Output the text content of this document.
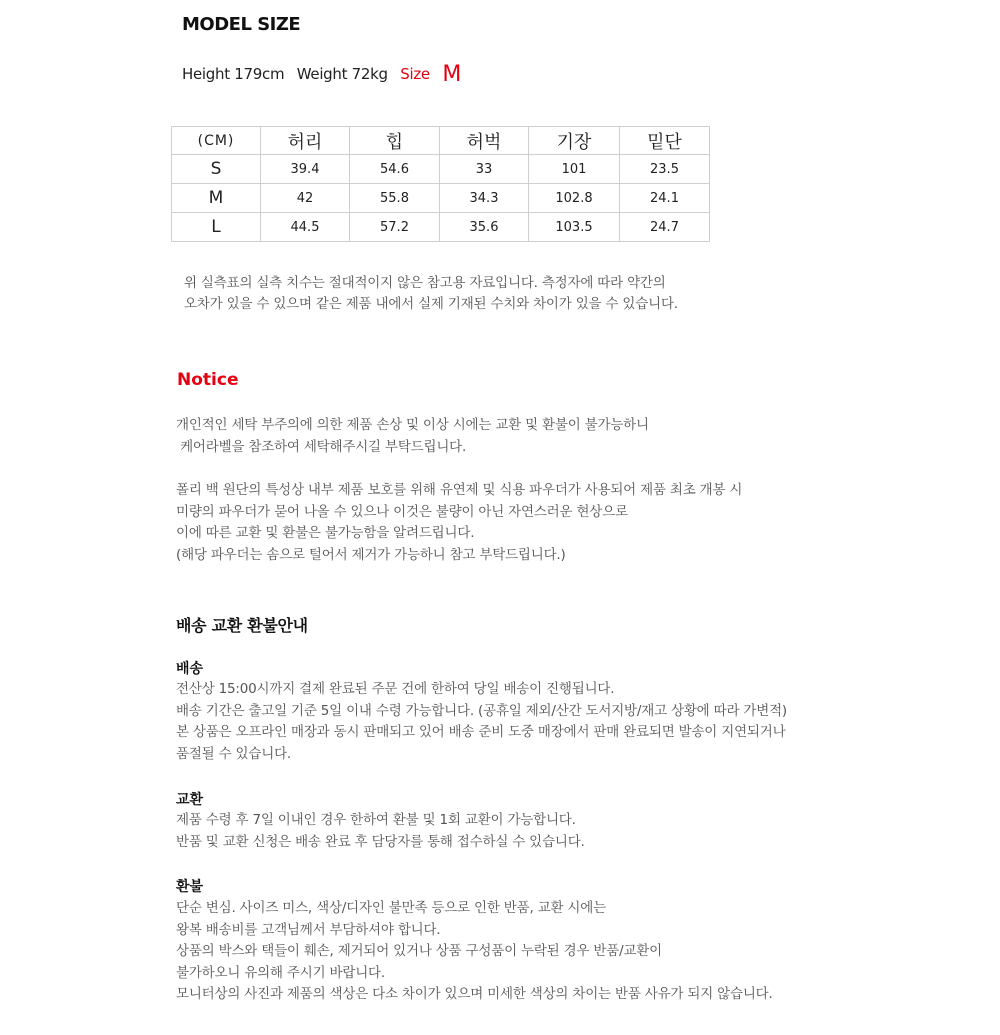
MODEL SIZE
Height 179cm Weight 72kg Size M
(CM)	허리	힙	허벅	기장	밑단
S	39.4	54.6	33	101	23.5
M	42	55.8	34.3	102.8	24.1
L	44.5	57.2	35.6	103.5	24.7
위 실측표의 실측 치수는 절대적이지 않은 참고용 자료입니다. 측정자에 따라 약간의
오차가 있을 수 있으며 같은 제품 내에서 실제 기재된 수치와 차이가 있을 수 있습니다.
Notice
개인적인 세탁 부주의에 의한 제품 손상 및 이상 시에는 교환 및 환불이 불가능하니
케어라벨을 참조하여 세탁해주시길 부탁드립니다.
폴리 백 원단의 특성상 내부 제품 보호를 위해 유연제 및 식용 파우더가 사용되어 제품 최초 개봉 시
미량의 파우더가 묻어 나올 수 있으나 이것은 불량이 아닌 자연스러운 현상으로
이에 따른 교환 및 환불은 불가능함을 알려드립니다.
(해당 파우더는 솜으로 털어서 제거가 가능하니 참고 부탁드립니다.)
배송 교환 환불안내
배송
전산상 15:00시까지 결제 완료된 주문 건에 한하여 당일 배송이 진행됩니다.
배송 기간은 출고일 기준 5일 이내 수령 가능합니다. (공휴일 제외/산간 도서지방/재고 상황에 따라 가변적)
본 상품은 오프라인 매장과 동시 판매되고 있어 배송 준비 도중 매장에서 판매 완료되면 발송이 지연되거나
품절될 수 있습니다.
교환
제품 수령 후 7일 이내인 경우 한하여 환불 및 1회 교환이 가능합니다.
반품 및 교환 신청은 배송 완료 후 담당자를 통해 접수하실 수 있습니다.
환불
단순 변심. 사이즈 미스, 색상/디자인 불만족 등으로 인한 반품, 교환 시에는
왕복 배송비를 고객님께서 부담하셔야 합니다.
상품의 박스와 택들이 훼손, 제거되어 있거나 상품 구성품이 누락된 경우 반품/교환이
불가하오니 유의해 주시기 바랍니다.
모니터상의 사진과 제품의 색상은 다소 차이가 있으며 미세한 색상의 차이는 반품 사유가 되지 않습니다.
